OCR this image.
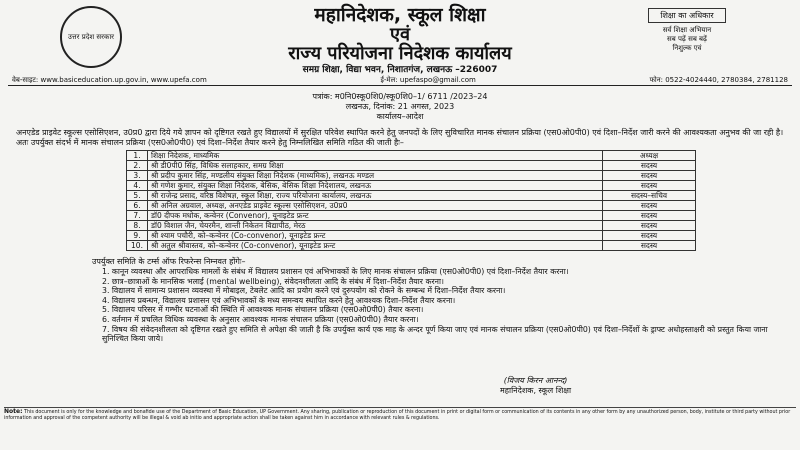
उत्तर प्रदेश सरकार
शिक्षा का अधिकार
सर्व शिक्षा अभियान
सब पढ़ें सब बढ़ें
निशुल्क एवं
महानिदेशक, स्कूल शिक्षा
एवं
राज्य परियोजना निदेशक कार्यालय
समग्र शिक्षा, विद्या भवन, निशातगंज, लखनऊ –226007
वेब-साइट: www.basiceducation.up.gov.in, www.upefa.com	ई-मेल: upefaspo@gmail.com	फोन: 0522-4024440, 2780384, 2781128
पत्रांक: म0नि0स्कू0शि0/स्कू0शि0–1/ 6711 /2023–24
लखनऊ, दिनांक: 21 अगस्त, 2023
कार्यालय–आदेश
अनएडेड प्राइवेट स्कूल्स एसोसिएशन, उ0प्र0 द्वारा दिये गये ज्ञापन को दृष्टिगत रखते हुए विद्यालयों में सुरक्षित परिवेश स्थापित करने हेतु जनपदों के लिए सुविचारित मानक संचालन प्रक्रिया (एस0ओ0पी0) एवं दिशा–निर्देश जारी करने की आवश्यकता अनुभव की जा रही है।
अतः उपर्युक्त संदर्भ में मानक संचालन प्रक्रिया (एस0ओ0पी0) एवं दिशा–निर्देश तैयार करने हेतु निम्नलिखित समिति गठित की जाती हैः–
1.	शिक्षा निदेशक, माध्यमिक	अध्यक्ष
2.	श्री डी0पी0 सिंह, विधिक सलाहकार, समग्र शिक्षा	सदस्य
3.	श्री प्रदीप कुमार सिंह, मण्डलीय संयुक्त शिक्षा निदेशक (माध्यमिक), लखनऊ मण्डल	सदस्य
4.	श्री गणेश कुमार, संयुक्त शिक्षा निदेशक, बेसिक, बेसिक शिक्षा निदेशालय, लखनऊ	सदस्य
5.	श्री राजेन्द्र प्रसाद, वरिष्ठ विशेषज्ञ, स्कूल शिक्षा, राज्य परियोजना कार्यालय, लखनऊ	सदस्य–सचिव
6.	श्री अनिल अग्रवाल, अध्यक्ष, अनएडेड प्राइवेट स्कूल्स एसोसिएशन, उ0प्र0	सदस्य
7.	डॉ0 दीपक मधोक, कन्वेनर (Convenor), यूनाइटेड फ्रन्ट	सदस्य
8.	डॉ0 विशाल जैन, चेयरमैन, शान्ती निकेतन विद्यापीठ, मेरठ	सदस्य
9.	श्री श्याम पचौरी, को–कन्वेनर (Co-convenor), यूनाइटेड फ्रन्ट	सदस्य
10.	श्री अतुल श्रीवास्तव, को–कन्वेनर (Co-convenor), यूनाइटेड फ्रन्ट	सदस्य
उपर्युक्त समिति के टर्म्स ऑफ रिफरेन्स निम्नवत होंगेः–
1. कानून व्यवस्था और आपराधिक मामलों के संबंध में विद्यालय प्रशासन एवं अभिभावकों के लिए मानक संचालन प्रक्रिया (एस0ओ0पी0) एवं दिशा–निर्देश तैयार करना।
2. छात्र–छात्राओं के मानसिक भलाई (mental wellbeing), संवेदनशीलता आदि के संबंध में दिशा–निर्देश तैयार करना।
3. विद्यालय में सामान्य प्रशासन व्यवस्था में मोबाइल, टेबलेट आदि का प्रयोग करने एवं दुरुपयोग को रोकने के सम्बन्ध में दिशा–निर्देश तैयार करना।
4. विद्यालय प्रबन्धन, विद्यालय प्रशासन एवं अभिभावकों के मध्य समन्वय स्थापित करने हेतु आवश्यक दिशा–निर्देश तैयार करना।
5. विद्यालय परिसर में गम्भीर घटनाओं की स्थिति में आवश्यक मानक संचालन प्रक्रिया (एस0ओ0पी0) तैयार करना।
6. वर्तमान में प्रचलित विधिक व्यवस्था के अनुसार आवश्यक मानक संचालन प्रक्रिया (एस0ओ0पी0) तैयार करना।
7. विषय की संवेदनशीलता को दृष्टिगत रखते हुए समिति से अपेक्षा की जाती है कि उपर्युक्त कार्य एक माह के अन्दर पूर्ण किया जाए एवं मानक संचालन प्रक्रिया (एस0ओ0पी0) एवं दिशा–निर्देशों के ड्राफ्ट अधोहस्ताक्षरी को प्रस्तुत किया जाना सुनिश्चित किया जाये।
(विजय किरन आनन्द)
महानिदेशक, स्कूल शिक्षा
Note: This document is only for the knowledge and bonafide use of the Department of Basic Education, UP Government. Any sharing, publication or reproduction of this document in print or digital form or communication of its contents in any other form by any unauthorized person, body, institute or third party without prior information and approval of the competent authority will be illegal & void ab initio and appropriate action shall be taken against him in accordance with relevant rules & regulations.
